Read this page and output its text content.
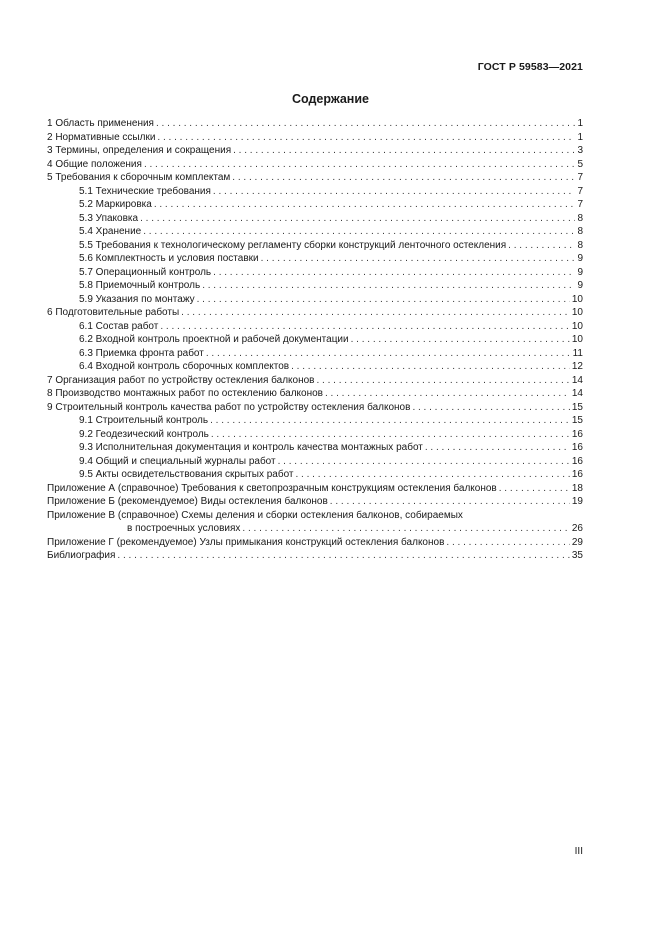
ГОСТ Р 59583—2021
Содержание
1 Область применения . . .	1
2 Нормативные ссылки . . .	1
3 Термины, определения и сокращения . . .	3
4 Общие положения . . .	5
5 Требования к сборочным комплектам . . .	7
5.1 Технические требования . . .	7
5.2 Маркировка . . .	7
5.3 Упаковка . . .	8
5.4 Хранение . . .	8
5.5 Требования к технологическому регламенту сборки конструкций ленточного остекления . . .	8
5.6 Комплектность и условия поставки . . .	9
5.7 Операционный контроль . . .	9
5.8 Приемочный контроль . . .	9
5.9 Указания по монтажу . . .	10
6 Подготовительные работы . . .	10
6.1 Состав работ . . .	10
6.2 Входной контроль проектной и рабочей документации . . .	10
6.3 Приемка фронта работ . . .	11
6.4 Входной контроль сборочных комплектов . . .	12
7 Организация работ по устройству остекления балконов . . .	14
8 Производство монтажных работ по остеклению балконов . . .	14
9 Строительный контроль качества работ по устройству остекления балконов . . .	15
9.1 Строительный контроль . . .	15
9.2 Геодезический контроль . . .	16
9.3 Исполнительная документация и контроль качества монтажных работ . . .	16
9.4 Общий и специальный журналы работ . . .	16
9.5 Акты освидетельствования скрытых работ . . .	16
Приложение А (справочное) Требования к светопрозрачным конструкциям остекления балконов . . .	18
Приложение Б (рекомендуемое) Виды остекления балконов . . .	19
Приложение В (справочное) Схемы деления и сборки остекления балконов, собираемых
в построечных условиях . . .	26
Приложение Г (рекомендуемое) Узлы примыкания конструкций остекления балконов . . .	29
Библиография . . .	35
III
